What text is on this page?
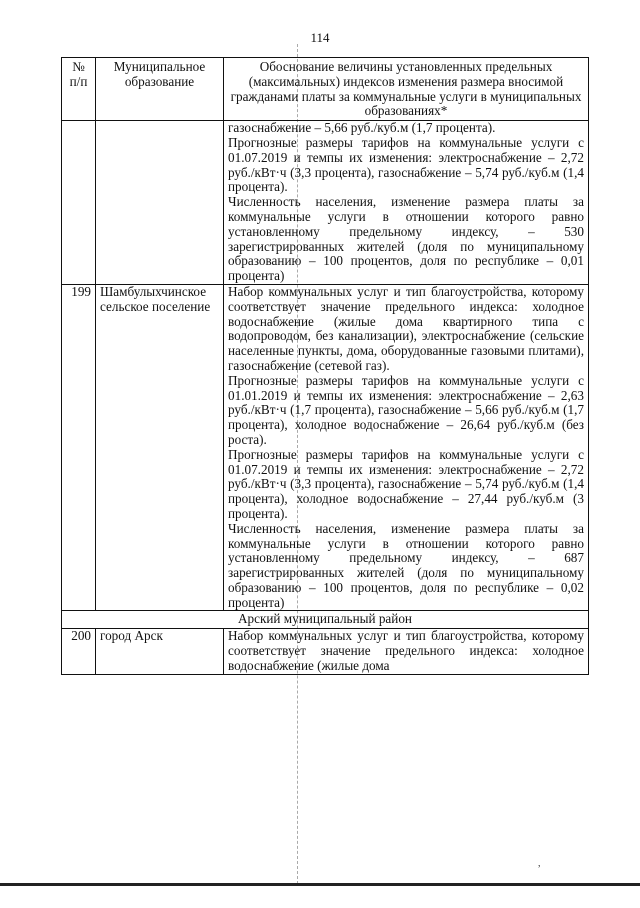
114
№ п/п	Муниципальное образование	Обоснование величины установленных предельных (максимальных) индексов изменения размера вносимой гражданами платы за коммунальные услуги в муниципальных образованиях*

		газоснабжение – 5,66 руб./куб.м (1,7 процента).

Прогнозные размеры тарифов на коммунальные услуги с 01.07.2019 и темпы их изменения: электроснабжение – 2,72 руб./кВт·ч (3,3 процента), газоснабжение – 5,74 руб./куб.м (1,4 процента).

Численность населения, изменение размера платы за коммунальные услуги в отношении которого равно установленному предельному индексу, – 530 зарегистрированных жителей (доля по муниципальному образованию – 100 процентов, доля по республике – 0,01 процента)

199	Шамбулыхчинское сельское поселение	Набор коммунальных услуг и тип благоустройства, которому соответствует значение предельного индекса: холодное водоснабжение (жилые дома квартирного типа с водопроводом, без канализации), электроснабжение (сельские населенные пункты, дома, оборудованные газовыми плитами), газоснабжение (сетевой газ).

Прогнозные размеры тарифов на коммунальные услуги с 01.01.2019 и темпы их изменения: электроснабжение – 2,63 руб./кВт·ч (1,7 процента), газоснабжение – 5,66 руб./куб.м (1,7 процента), холодное водоснабжение – 26,64 руб./куб.м (без роста).

Прогнозные размеры тарифов на коммунальные услуги с 01.07.2019 и темпы их изменения: электроснабжение – 2,72 руб./кВт·ч (3,3 процента), газоснабжение – 5,74 руб./куб.м (1,4 процента), холодное водоснабжение – 27,44 руб./куб.м (3 процента).

Численность населения, изменение размера платы за коммунальные услуги в отношении которого равно установленному предельному индексу, – 687 зарегистрированных жителей (доля по муниципальному образованию – 100 процентов, доля по республике – 0,02 процента)

Арский муниципальный район		
200	город Арск	Набор коммунальных услуг и тип благоустройства, которому соответствует значение предельного индекса: холодное водоснабжение (жилые дома

,
